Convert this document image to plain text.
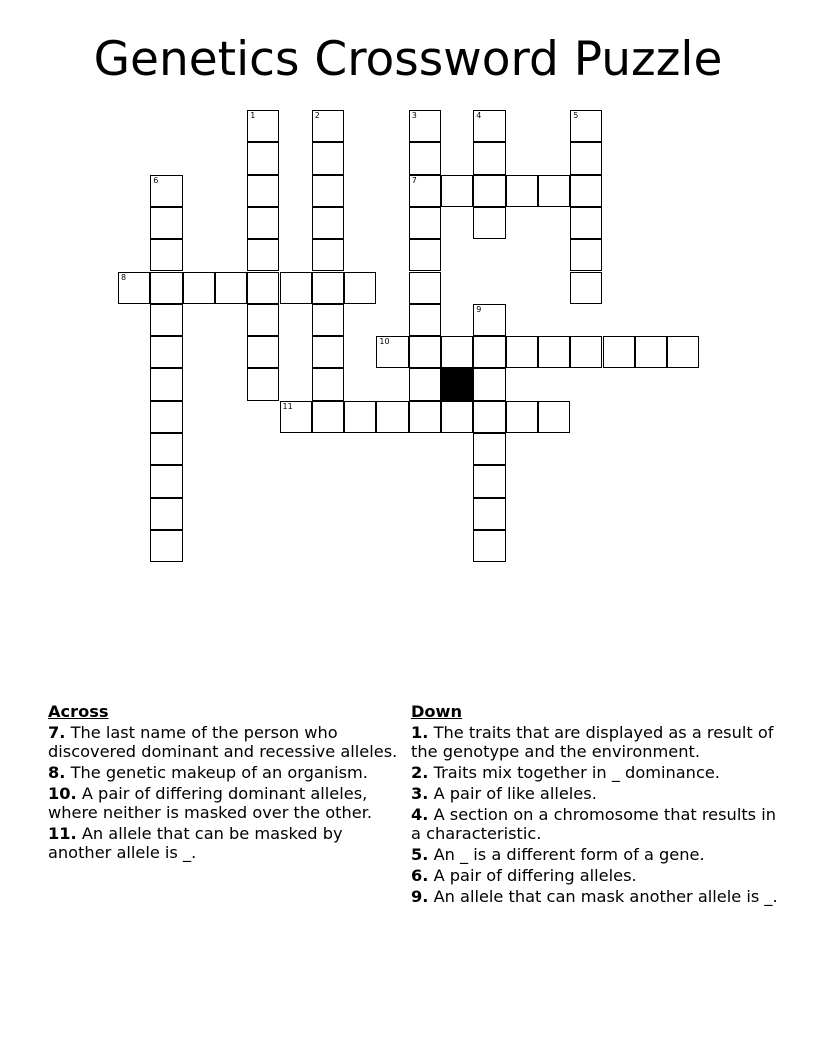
Genetics Crossword Puzzle
1	2	3
7
4	5
6
8
9
10
11
Across
7. The last name of the person who discovered dominant and recessive alleles.
8. The genetic makeup of an organism.
10. A pair of differing dominant alleles, where neither is masked over the other.
11. An allele that can be masked by another allele is _.
Down
1. The traits that are displayed as a result of the genotype and the environment.
2. Traits mix together in _ dominance.
3. A pair of like alleles.
4. A section on a chromosome that results in a characteristic.
5. An _ is a different form of a gene.
6. A pair of differing alleles.
9. An allele that can mask another allele is _.
